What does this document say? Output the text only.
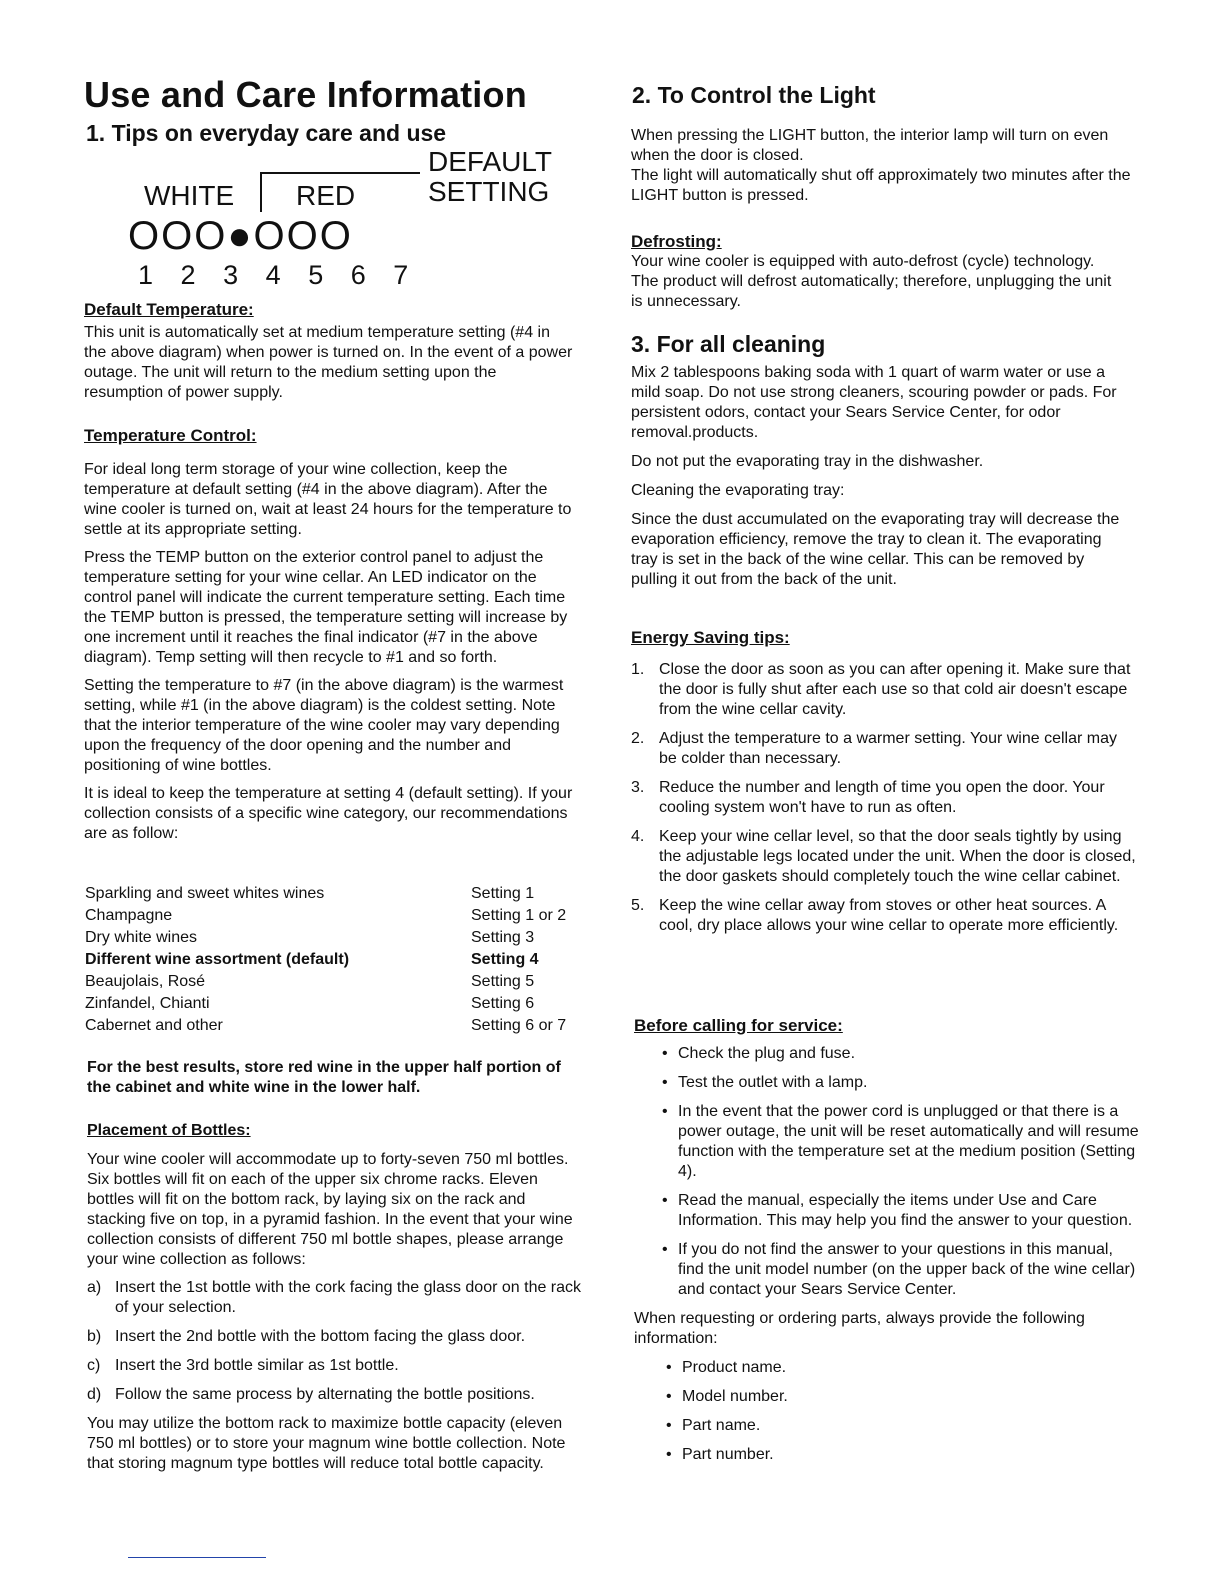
Use and Care Information
1. Tips on everyday care and use
DEFAULT
SETTING
WHITE RED
OOO●OOO
1 2 3 4 5 6 7
Default Temperature:

This unit is automatically set at medium temperature setting (#4 in the above diagram) when power is turned on. In the event of a power outage. The unit will return to the medium setting upon the resumption of power supply.

Temperature Control:

For ideal long term storage of your wine collection, keep the temperature at default setting (#4 in the above diagram). After the wine cooler is turned on, wait at least 24 hours for the temperature to settle at its appropriate setting.

Press the TEMP button on the exterior control panel to adjust the temperature setting for your wine cellar. An LED indicator on the control panel will indicate the current temperature setting. Each time the TEMP button is pressed, the temperature setting will increase by one increment until it reaches the final indicator (#7 in the above diagram). Temp setting will then recycle to #1 and so forth.

Setting the temperature to #7 (in the above diagram) is the warmest setting, while #1 (in the above diagram) is the coldest setting. Note that the interior temperature of the wine cooler may vary depending upon the frequency of the door opening and the number and positioning of wine bottles.

It is ideal to keep the temperature at setting 4 (default setting). If your collection consists of a specific wine category, our recommendations are as follow:

Sparkling and sweet whites wines	Setting 1
Champagne	Setting 1 or 2
Dry white wines	Setting 3
Different wine assortment (default)	Setting 4
Beaujolais, Rosé	Setting 5
Zinfandel, Chianti	Setting 6
Cabernet and other	Setting 6 or 7

For the best results, store red wine in the upper half portion of the cabinet and white wine in the lower half.

Placement of Bottles:

Your wine cooler will accommodate up to forty-seven 750 ml bottles. Six bottles will fit on each of the upper six chrome racks. Eleven bottles will fit on the bottom rack, by laying six on the rack and stacking five on top, in a pyramid fashion. In the event that your wine collection consists of different 750 ml bottle shapes, please arrange your wine collection as follows:

a) Insert the 1st bottle with the cork facing the glass door on the rack of your selection.
b) Insert the 2nd bottle with the bottom facing the glass door.
c) Insert the 3rd bottle similar as 1st bottle.
d) Follow the same process by alternating the bottle positions.

You may utilize the bottom rack to maximize bottle capacity (eleven 750 ml bottles) or to store your magnum wine bottle collection. Note that storing magnum type bottles will reduce total bottle capacity.

2. To Control the Light

When pressing the LIGHT button, the interior lamp will turn on even when the door is closed.

The light will automatically shut off approximately two minutes after the LIGHT button is pressed.

Defrosting:

Your wine cooler is equipped with auto-defrost (cycle) technology. The product will defrost automatically; therefore, unplugging the unit is unnecessary.

3. For all cleaning

Mix 2 tablespoons baking soda with 1 quart of warm water or use a mild soap. Do not use strong cleaners, scouring powder or pads. For persistent odors, contact your Sears Service Center, for odor removal.products.

Do not put the evaporating tray in the dishwasher.

Cleaning the evaporating tray:

Since the dust accumulated on the evaporating tray will decrease the evaporation efficiency, remove the tray to clean it. The evaporating tray is set in the back of the wine cellar. This can be removed by pulling it out from the back of the unit.

Energy Saving tips:
1. Close the door as soon as you can after opening it. Make sure that the door is fully shut after each use so that cold air doesn't escape from the wine cellar cavity.
2. Adjust the temperature to a warmer setting. Your wine cellar may be colder than necessary.
3. Reduce the number and length of time you open the door. Your cooling system won't have to run as often.
4. Keep your wine cellar level, so that the door seals tightly by using the adjustable legs located under the unit. When the door is closed, the door gaskets should completely touch the wine cellar cabinet.
5. Keep the wine cellar away from stoves or other heat sources. A cool, dry place allows your wine cellar to operate more efficiently.
Before calling for service:
• Check the plug and fuse.
• Test the outlet with a lamp.
• In the event that the power cord is unplugged or that there is a power outage, the unit will be reset automatically and will resume function with the temperature set at the medium position (Setting 4).
• Read the manual, especially the items under Use and Care Information. This may help you find the answer to your question.
• If you do not find the answer to your questions in this manual, find the unit model number (on the upper back of the wine cellar) and contact your Sears Service Center.

When requesting or ordering parts, always provide the following information:

• Product name.
• Model number.
• Part name.
• Part number.
